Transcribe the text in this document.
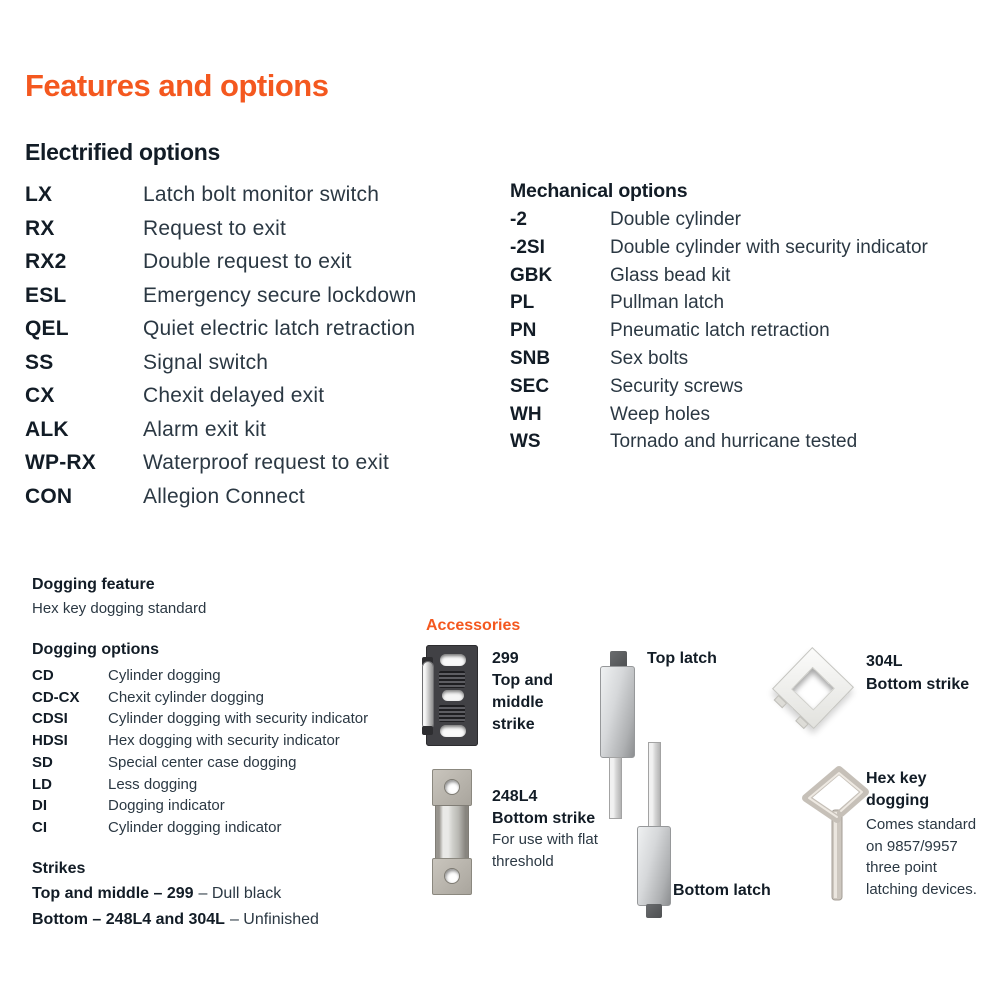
Features and options
Electrified options
LX	Latch bolt monitor switch
RX	Request to exit
RX2	Double request to exit
ESL	Emergency secure lockdown
QEL	Quiet electric latch retraction
SS	Signal switch
CX	Chexit delayed exit
ALK	Alarm exit kit
WP-RX	Waterproof request to exit
CON	Allegion Connect
Mechanical options
-2	Double cylinder
-2SI	Double cylinder with security indicator
GBK	Glass bead kit
PL	Pullman latch
PN	Pneumatic latch retraction
SNB	Sex bolts
SEC	Security screws
WH	Weep holes
WS	Tornado and hurricane tested
Dogging feature

Hex key dogging standard

Dogging options
CD	Cylinder dogging
CD-CX	Chexit cylinder dogging
CDSI	Cylinder dogging with security indicator
HDSI	Hex dogging with security indicator
SD	Special center case dogging
LD	Less dogging
DI	Dogging indicator
CI	Cylinder dogging indicator
Strikes
Top and middle – 299 – Dull black
Bottom – 248L4 and 304L – Unfinished
Accessories
299
Top and middle strike
Top latch	304L
Bottom strike
248L4
Bottom strike
For use with flat threshold
Bottom latch
Hex key dogging
Comes standard on 9857/9957 three point latching devices.
